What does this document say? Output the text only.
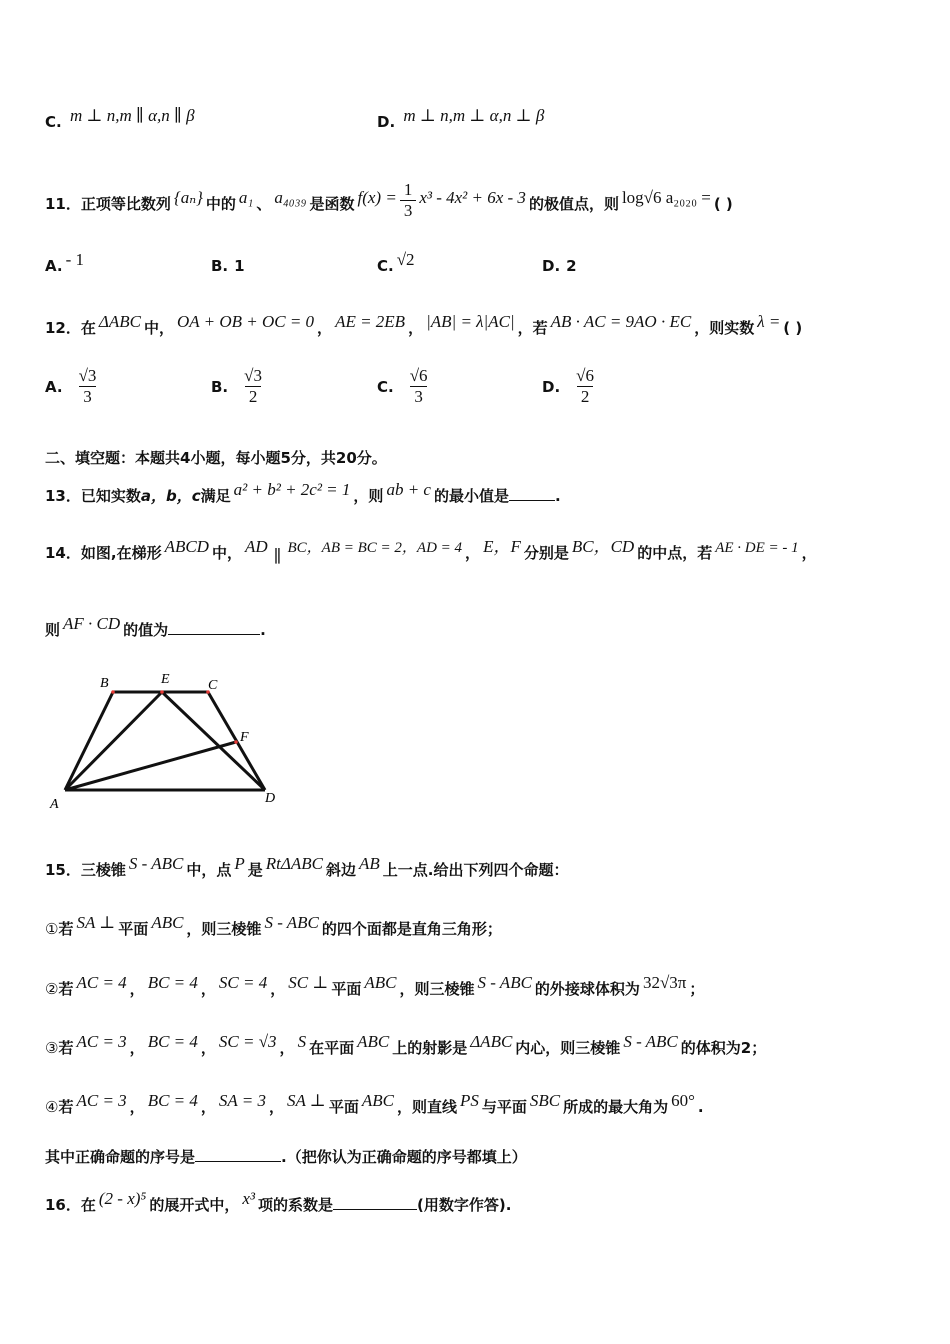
C. m ⊥ n,m ∥ α,n ∥ β	D. m ⊥ n,m ⊥ α,n ⊥ β
11．正项等比数列 {aₙ} 中的 a₁ 、 a₄₀₃₉ 是函数 $f(x) = \frac{1}{3} x^3 - 4x^2 + 6x - 3$ 的极值点，则 log√6 a₂₀₂₀ = ( )
A. - 1	B. 1	C. √2	D. 2
12．在 ΔABC 中， OA + OB + OC = 0 ， AE = 2EB ， |AB| = λ|AC| ，若 AB · AC = 9AO · EC ，则实数 λ = ( )
A. $\frac{√3}{3}$	B. $\frac{√3}{2}$	C. $\frac{√6}{3}$	D. $\frac{√6}{2}$
二、填空题：本题共4小题，每小题5分，共20分。
13．已知实数a，b，c满足 a² + b² + 2c² = 1 ，则 ab + c 的最小值是	.
14．如图,在梯形 ABCD 中， AD∥ BC，AB = BC = 2，AD = 4 ， E，F 分别是 BC，CD 的中点，若 AE · DE = - 1 ，
则 AF · CD 的值为	.
B	E	C
F
A	D
15．三棱锥 S - ABC 中，点 P 是 RtΔABC 斜边 AB 上一点.给出下列四个命题：
①若 SA ⊥ 平面 ABC ，则三棱锥 S - ABC 的四个面都是直角三角形；
②若 AC = 4 ， BC = 4 ， SC = 4 ， SC ⊥ 平面 ABC ，则三棱锥 S - ABC 的外接球体积为 32√3π ；
③若 AC = 3 ， BC = 4 ， SC = √3 ， S 在平面 ABC 上的射影是 ΔABC 内心，则三棱锥 S - ABC 的体积为2；
④若 AC = 3 ， BC = 4 ， SA = 3 ， SA ⊥ 平面 ABC ，则直线 PS 与平面 SBC 所成的最大角为 60° .
其中正确命题的序号是	.（把你认为正确命题的序号都填上）
16．在 (2 - x)⁵ 的展开式中， x³ 项的系数是	(用数字作答).
